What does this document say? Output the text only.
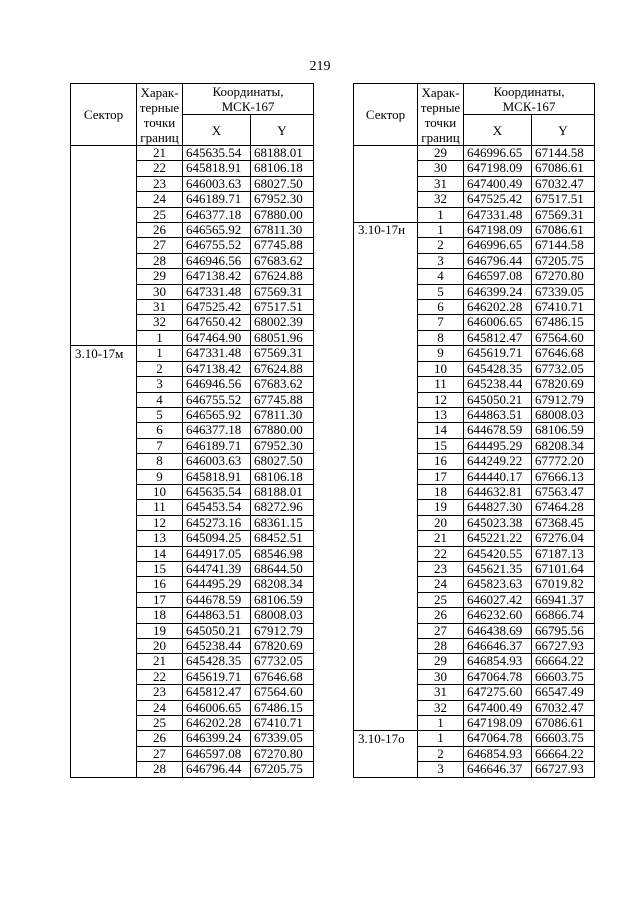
219
Сектор	Харак-
терные
точки
границ	Координаты,
МСК-167	
		X	Y
	21	645635.54	68188.01
	22	645818.91	68106.18
	23	646003.63	68027.50
	24	646189.71	67952.30
	25	646377.18	67880.00
	26	646565.92	67811.30
	27	646755.52	67745.88
	28	646946.56	67683.62
	29	647138.42	67624.88
	30	647331.48	67569.31
	31	647525.42	67517.51
	32	647650.42	68002.39
	1	647464.90	68051.96
3.10-17м	1	647331.48	67569.31
	2	647138.42	67624.88
	3	646946.56	67683.62
	4	646755.52	67745.88
	5	646565.92	67811.30
	6	646377.18	67880.00
	7	646189.71	67952.30
	8	646003.63	68027.50
	9	645818.91	68106.18
	10	645635.54	68188.01
	11	645453.54	68272.96
	12	645273.16	68361.15
	13	645094.25	68452.51
	14	644917.05	68546.98
	15	644741.39	68644.50
	16	644495.29	68208.34
	17	644678.59	68106.59
	18	644863.51	68008.03
	19	645050.21	67912.79
	20	645238.44	67820.69
	21	645428.35	67732.05
	22	645619.71	67646.68
	23	645812.47	67564.60
	24	646006.65	67486.15
	25	646202.28	67410.71
	26	646399.24	67339.05
	27	646597.08	67270.80
	28	646796.44	67205.75
Сектор	Харак-
терные
точки
границ	Координаты,
МСК-167	
		X	Y
	29	646996.65	67144.58
	30	647198.09	67086.61
	31	647400.49	67032.47
	32	647525.42	67517.51
	1	647331.48	67569.31
3.10-17н	1	647198.09	67086.61
	2	646996.65	67144.58
	3	646796.44	67205.75
	4	646597.08	67270.80
	5	646399.24	67339.05
	6	646202.28	67410.71
	7	646006.65	67486.15
	8	645812.47	67564.60
	9	645619.71	67646.68
	10	645428.35	67732.05
	11	645238.44	67820.69
	12	645050.21	67912.79
	13	644863.51	68008.03
	14	644678.59	68106.59
	15	644495.29	68208.34
	16	644249.22	67772.20
	17	644440.17	67666.13
	18	644632.81	67563.47
	19	644827.30	67464.28
	20	645023.38	67368.45
	21	645221.22	67276.04
	22	645420.55	67187.13
	23	645621.35	67101.64
	24	645823.63	67019.82
	25	646027.42	66941.37
	26	646232.60	66866.74
	27	646438.69	66795.56
	28	646646.37	66727.93
	29	646854.93	66664.22
	30	647064.78	66603.75
	31	647275.60	66547.49
	32	647400.49	67032.47
	1	647198.09	67086.61
3.10-17о	1	647064.78	66603.75
	2	646854.93	66664.22
	3	646646.37	66727.93
